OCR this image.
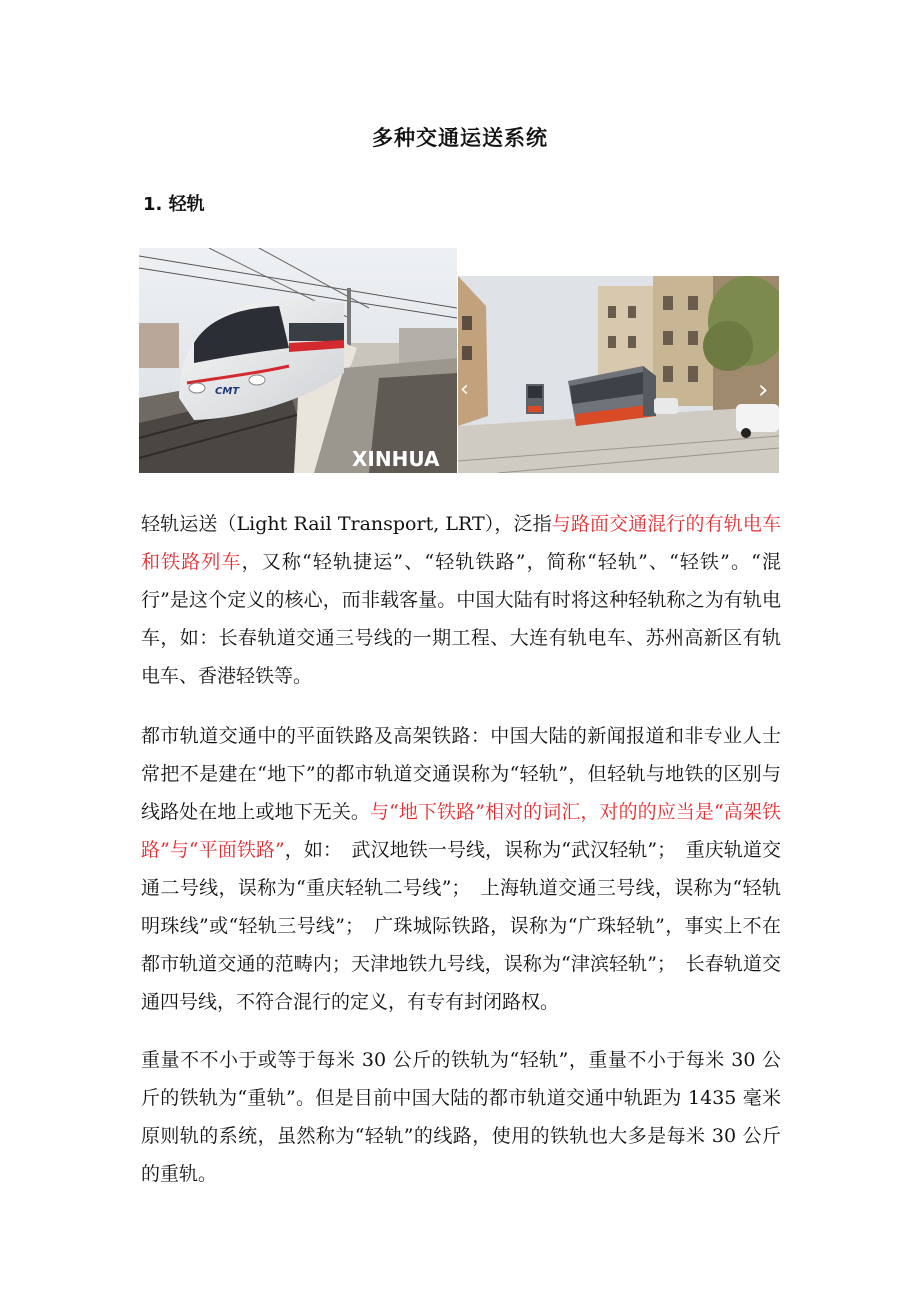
多种交通运送系统
1. 轻轨
CMT
XINHUA
‹	›
轻轨运送（Light Rail Transport, LRT），泛指与路面交通混行的有轨电车和铁路列车，又称“轻轨捷运”、“轻轨铁路”，简称“轻轨”、“轻铁”。“混行”是这个定义的核心，而非载客量。中国大陆有时将这种轻轨称之为有轨电车，如：长春轨道交通三号线的一期工程、大连有轨电车、苏州高新区有轨电车、香港轻铁等。
都市轨道交通中的平面铁路及高架铁路：中国大陆的新闻报道和非专业人士常把不是建在“地下”的都市轨道交通误称为“轻轨”，但轻轨与地铁的区别与线路处在地上或地下无关。与“地下铁路”相对的词汇，对的的应当是“高架铁路”与“平面铁路”，如：　武汉地铁一号线，误称为“武汉轻轨”；　重庆轨道交通二号线，误称为“重庆轻轨二号线”；　上海轨道交通三号线，误称为“轻轨明珠线”或“轻轨三号线”；　广珠城际铁路，误称为“广珠轻轨”，事实上不在都市轨道交通的范畴内；天津地铁九号线，误称为“津滨轻轨”；　长春轨道交通四号线，不符合混行的定义，有专有封闭路权。
重量不不小于或等于每米 30 公斤的铁轨为“轻轨”，重量不小于每米 30 公斤的铁轨为“重轨”。但是目前中国大陆的都市轨道交通中轨距为 1435 毫米原则轨的系统，虽然称为“轻轨”的线路，使用的铁轨也大多是每米 30 公斤的重轨。
